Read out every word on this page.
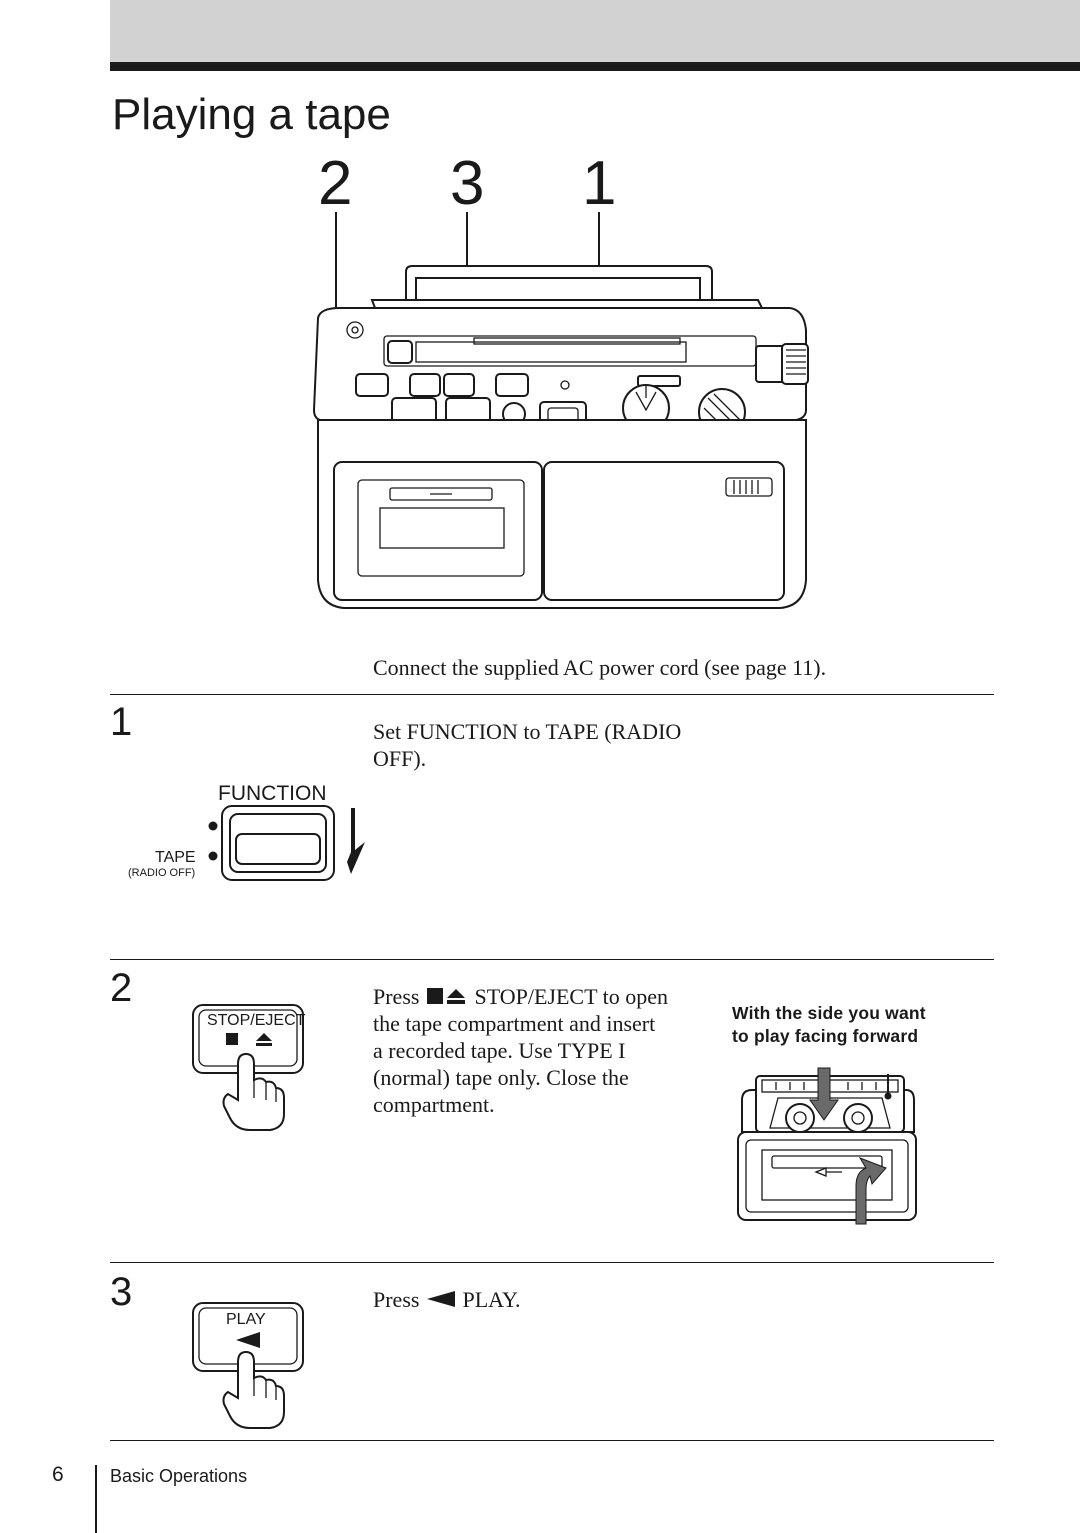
Playing a tape
2 3 1
Connect the supplied AC power cord (see page 11).
1	Set FUNCTION to TAPE (RADIO
OFF).
FUNCTION
TAPE
(RADIO OFF)
2	Press	STOP/EJECT to open
the tape compartment and insert
a recorded tape. Use TYPE I
(normal) tape only. Close the
compartment.
With the side you want
to play facing forward
STOP/EJECT
3	Press PLAY.
PLAY
6	Basic Operations
